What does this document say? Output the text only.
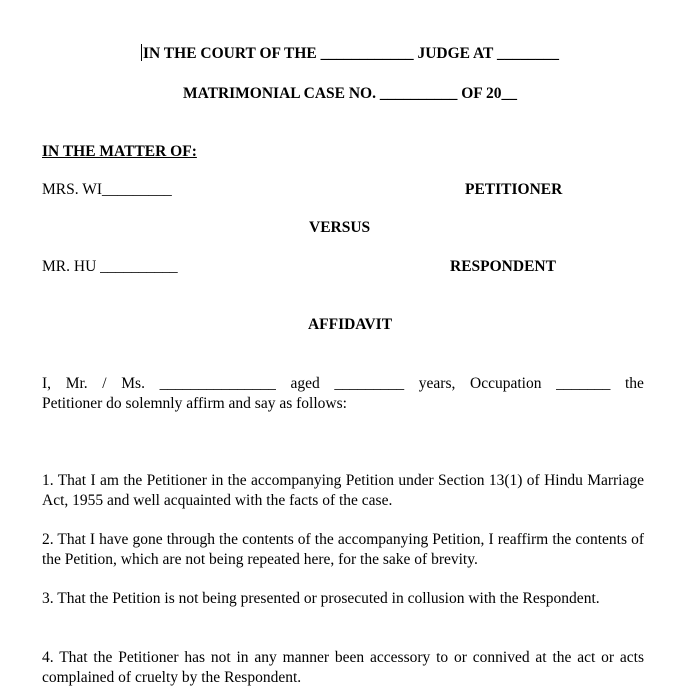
IN THE COURT OF THE ____________ JUDGE AT ________
MATRIMONIAL CASE NO. __________ OF 20__
IN THE MATTER OF:
MRS. WI_________	PETITIONER
VERSUS
MR. HU __________	RESPONDENT
AFFIDAVIT
I, Mr. / Ms. _______________ aged _________ years, Occupation _______ the
Petitioner do solemnly affirm and say as follows:
1. That I am the Petitioner in the accompanying Petition under Section 13(1) of Hindu Marriage Act, 1955 and well acquainted with the facts of the case.
2. That I have gone through the contents of the accompanying Petition, I reaffirm the contents of the Petition, which are not being repeated here, for the sake of brevity.
3. That the Petition is not being presented or prosecuted in collusion with the Respondent.
4. That the Petitioner has not in any manner been accessory to or connived at the act or acts complained of cruelty by the Respondent.
